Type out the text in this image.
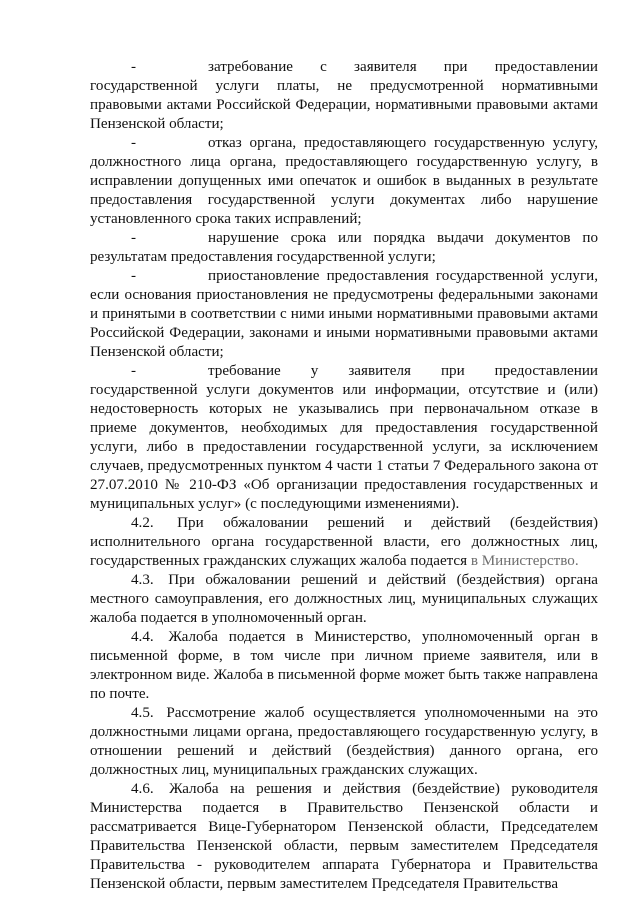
-	затребование с заявителя при предоставлении государственной услуги платы, не предусмотренной нормативными правовыми актами Российской Федерации, нормативными правовыми актами Пензенской области;

-	отказ органа, предоставляющего государственную услугу, должностного лица органа, предоставляющего государственную услугу, в исправлении допущенных ими опечаток и ошибок в выданных в результате предоставления государственной услуги документах либо нарушение установленного срока таких исправлений;

-	нарушение срока или порядка выдачи документов по результатам предоставления государственной услуги;

-	приостановление предоставления государственной услуги, если основания приостановления не предусмотрены федеральными законами и принятыми в соответствии с ними иными нормативными правовыми актами Российской Федерации, законами и иными нормативными правовыми актами Пензенской области;

-	требование у заявителя при предоставлении государственной услуги документов или информации, отсутствие и (или) недостоверность которых не указывались при первоначальном отказе в приеме документов, необходимых для предоставления государственной услуги, либо в предоставлении государственной услуги, за исключением случаев, предусмотренных пунктом 4 части 1 статьи 7 Федерального закона от 27.07.2010 № 210-ФЗ «Об организации предоставления государственных и муниципальных услуг» (с последующими изменениями).

4.2. При обжаловании решений и действий (бездействия) исполнительного органа государственной власти, его должностных лиц, государственных гражданских служащих жалоба подается в Министерство.

4.3. При обжаловании решений и действий (бездействия) органа местного самоуправления, его должностных лиц, муниципальных служащих жалоба подается в уполномоченный орган.

4.4. Жалоба подается в Министерство, уполномоченный орган в письменной форме, в том числе при личном приеме заявителя, или в электронном виде. Жалоба в письменной форме может быть также направлена по почте.

4.5. Рассмотрение жалоб осуществляется уполномоченными на это должностными лицами органа, предоставляющего государственную услугу, в отношении решений и действий (бездействия) данного органа, его должностных лиц, муниципальных гражданских служащих.

4.6. Жалоба на решения и действия (бездействие) руководителя Министерства подается в Правительство Пензенской области и рассматривается Вице-Губернатором Пензенской области, Председателем Правительства Пензенской области, первым заместителем Председателя Правительства - руководителем аппарата Губернатора и Правительства Пензенской области, первым заместителем Председателя Правительства
